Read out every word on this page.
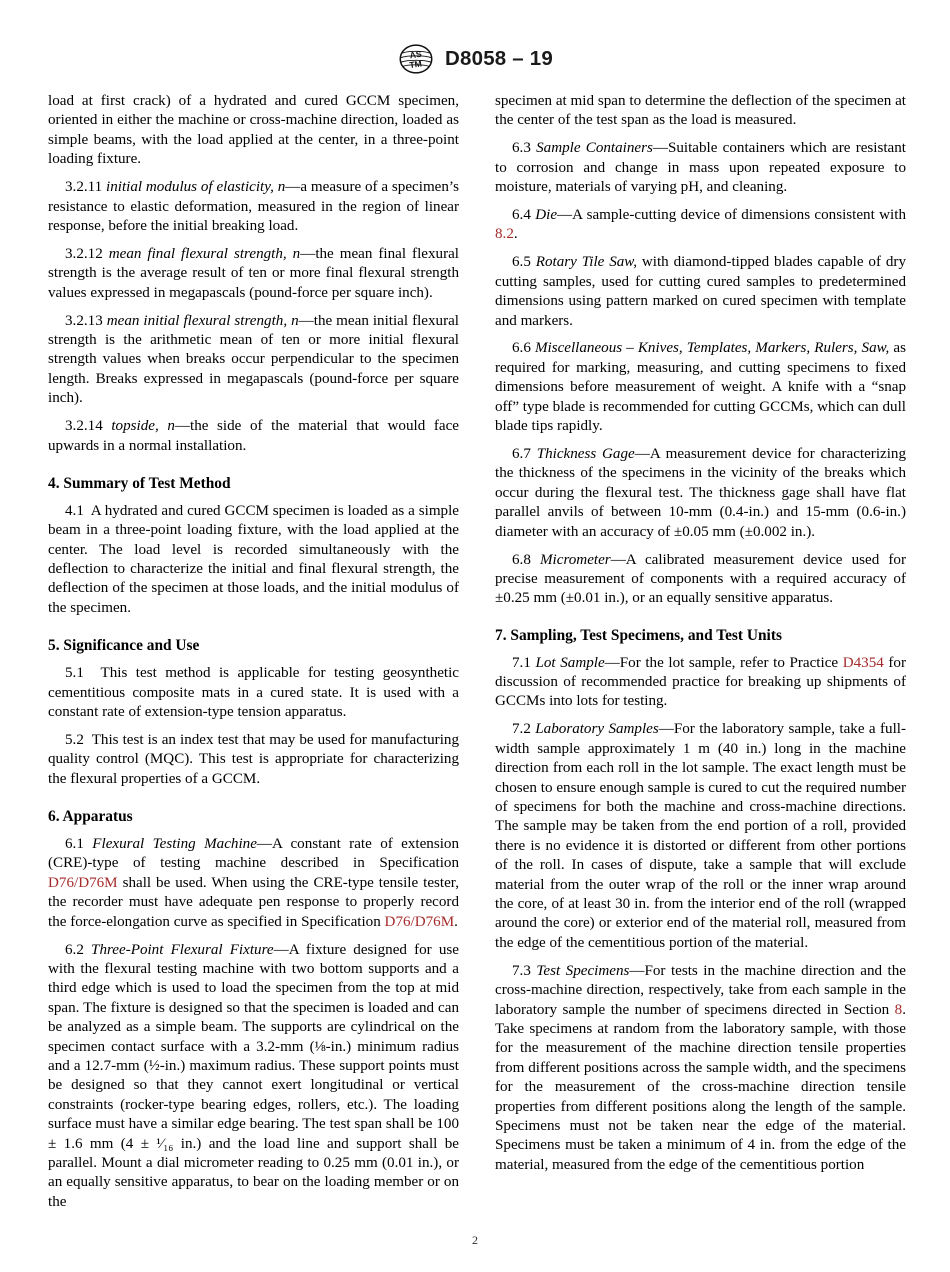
AS
TM D8058 – 19

load at first crack) of a hydrated and cured GCCM specimen, oriented in either the machine or cross-machine direction, loaded as simple beams, with the load applied at the center, in a three-point loading fixture.

3.2.11 initial modulus of elasticity, n—a measure of a specimen’s resistance to elastic deformation, measured in the region of linear response, before the initial breaking load.

3.2.12 mean final flexural strength, n—the mean final flexural strength is the average result of ten or more final flexural strength values expressed in megapascals (pound-force per square inch).

3.2.13 mean initial flexural strength, n—the mean initial flexural strength is the arithmetic mean of ten or more initial flexural strength values when breaks occur perpendicular to the specimen length. Breaks expressed in megapascals (pound-force per square inch).

3.2.14 topside, n—the side of the material that would face upwards in a normal installation.

4. Summary of Test Method

4.1 A hydrated and cured GCCM specimen is loaded as a simple beam in a three-point loading fixture, with the load applied at the center. The load level is recorded simultaneously with the deflection to characterize the initial and final flexural strength, the deflection of the specimen at those loads, and the initial modulus of the specimen.

5. Significance and Use

5.1 This test method is applicable for testing geosynthetic cementitious composite mats in a cured state. It is used with a constant rate of extension-type tension apparatus.

5.2 This test is an index test that may be used for manufacturing quality control (MQC). This test is appropriate for characterizing the flexural properties of a GCCM.

6. Apparatus

6.1 Flexural Testing Machine—A constant rate of extension (CRE)-type of testing machine described in Specification D76/D76M shall be used. When using the CRE-type tensile tester, the recorder must have adequate pen response to properly record the force-elongation curve as specified in Specification D76/D76M.

6.2 Three-Point Flexural Fixture—A fixture designed for use with the flexural testing machine with two bottom supports and a third edge which is used to load the specimen from the top at mid span. The fixture is designed so that the specimen is loaded and can be analyzed as a simple beam. The supports are cylindrical on the specimen contact surface with a 3.2-mm (⅛-in.) minimum radius and a 12.7-mm (½-in.) maximum radius. These support points must be designed so that they cannot exert longitudinal or vertical constraints (rocker-type bearing edges, rollers, etc.). The loading surface must have a similar edge bearing. The test span shall be 100 ± 1.6 mm (4 ± ¹⁄₁₆ in.) and the load line and support shall be parallel. Mount a dial micrometer reading to 0.25 mm (0.01 in.), or an equally sensitive apparatus, to bear on the loading member or on the

specimen at mid span to determine the deflection of the specimen at the center of the test span as the load is measured.

6.3 Sample Containers—Suitable containers which are resistant to corrosion and change in mass upon repeated exposure to moisture, materials of varying pH, and cleaning.

6.4 Die—A sample-cutting device of dimensions consistent with 8.2.

6.5 Rotary Tile Saw, with diamond-tipped blades capable of dry cutting samples, used for cutting cured samples to predetermined dimensions using pattern marked on cured specimen with template and markers.

6.6 Miscellaneous – Knives, Templates, Markers, Rulers, Saw, as required for marking, measuring, and cutting specimens to fixed dimensions before measurement of weight. A knife with a “snap off” type blade is recommended for cutting GCCMs, which can dull blade tips rapidly.

6.7 Thickness Gage—A measurement device for characterizing the thickness of the specimens in the vicinity of the breaks which occur during the flexural test. The thickness gage shall have flat parallel anvils of between 10-mm (0.4-in.) and 15-mm (0.6-in.) diameter with an accuracy of ±0.05 mm (±0.002 in.).

6.8 Micrometer—A calibrated measurement device used for precise measurement of components with a required accuracy of ±0.25 mm (±0.01 in.), or an equally sensitive apparatus.

7. Sampling, Test Specimens, and Test Units

7.1 Lot Sample—For the lot sample, refer to Practice D4354 for discussion of recommended practice for breaking up shipments of GCCMs into lots for testing.

7.2 Laboratory Samples—For the laboratory sample, take a full-width sample approximately 1 m (40 in.) long in the machine direction from each roll in the lot sample. The exact length must be chosen to ensure enough sample is cured to cut the required number of specimens for both the machine and cross-machine directions. The sample may be taken from the end portion of a roll, provided there is no evidence it is distorted or different from other portions of the roll. In cases of dispute, take a sample that will exclude material from the outer wrap of the roll or the inner wrap around the core, of at least 30 in. from the interior end of the roll (wrapped around the core) or exterior end of the material roll, measured from the edge of the cementitious portion of the material.

7.3 Test Specimens—For tests in the machine direction and the cross-machine direction, respectively, take from each sample in the laboratory sample the number of specimens directed in Section 8. Take specimens at random from the laboratory sample, with those for the measurement of the machine direction tensile properties from different positions across the sample width, and the specimens for the measurement of the cross-machine direction tensile properties from different positions along the length of the sample. Specimens must not be taken near the edge of the material. Specimens must be taken a minimum of 4 in. from the edge of the material, measured from the edge of the cementitious portion

2
